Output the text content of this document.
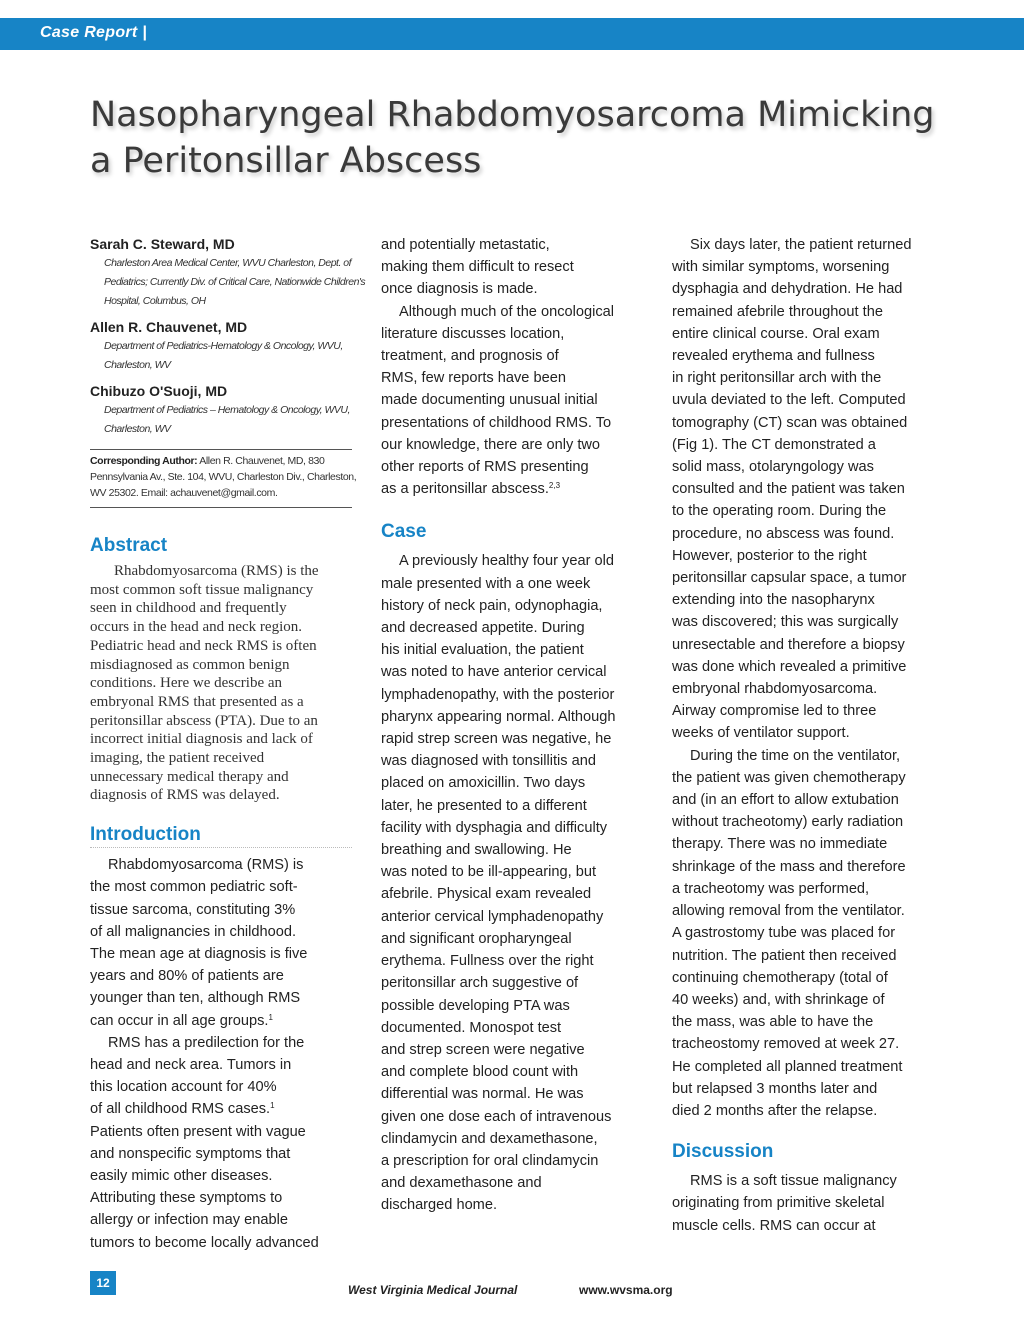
Case Report |
Nasopharyngeal Rhabdomyosarcoma Mimicking
a Peritonsillar Abscess
Sarah C. Steward, MD
Charleston Area Medical Center, WVU Charleston, Dept. of
Pediatrics; Currently Div. of Critical Care, Nationwide Children's
Hospital, Columbus, OH
Allen R. Chauvenet, MD
Department of Pediatrics-Hematology & Oncology, WVU,
Charleston, WV
Chibuzo O'Suoji, MD
Department of Pediatrics – Hematology & Oncology, WVU,
Charleston, WV
Corresponding Author: Allen R. Chauvenet, MD, 830
Pennsylvania Av., Ste. 104, WVU, Charleston Div., Charleston,
WV 25302. Email: achauvenet@gmail.com.
Abstract
Rhabdomyosarcoma (RMS) is the
most common soft tissue malignancy
seen in childhood and frequently
occurs in the head and neck region.
Pediatric head and neck RMS is often
misdiagnosed as common benign
conditions. Here we describe an
embryonal RMS that presented as a
peritonsillar abscess (PTA). Due to an
incorrect initial diagnosis and lack of
imaging, the patient received
unnecessary medical therapy and
diagnosis of RMS was delayed.
Introduction
Rhabdomyosarcoma (RMS) is
the most common pediatric soft-
tissue sarcoma, constituting 3%
of all malignancies in childhood.
The mean age at diagnosis is five
years and 80% of patients are
younger than ten, although RMS
can occur in all age groups.$^1$
RMS has a predilection for the
head and neck area. Tumors in
this location account for 40%
of all childhood RMS cases.$^1$
Patients often present with vague
and nonspecific symptoms that
easily mimic other diseases.
Attributing these symptoms to
allergy or infection may enable
tumors to become locally advanced
and potentially metastatic,
making them difficult to resect
once diagnosis is made.
Although much of the oncological
literature discusses location,
treatment, and prognosis of
RMS, few reports have been
made documenting unusual initial
presentations of childhood RMS. To
our knowledge, there are only two
other reports of RMS presenting
as a peritonsillar abscess.$^{2,3}$
Case
A previously healthy four year old
male presented with a one week
history of neck pain, odynophagia,
and decreased appetite. During
his initial evaluation, the patient
was noted to have anterior cervical
lymphadenopathy, with the posterior
pharynx appearing normal. Although
rapid strep screen was negative, he
was diagnosed with tonsillitis and
placed on amoxicillin. Two days
later, he presented to a different
facility with dysphagia and difficulty
breathing and swallowing. He
was noted to be ill-appearing, but
afebrile. Physical exam revealed
anterior cervical lymphadenopathy
and significant oropharyngeal
erythema. Fullness over the right
peritonsillar arch suggestive of
possible developing PTA was
documented. Monospot test
and strep screen were negative
and complete blood count with
differential was normal. He was
given one dose each of intravenous
clindamycin and dexamethasone,
a prescription for oral clindamycin
and dexamethasone and
discharged home.
Six days later, the patient returned
with similar symptoms, worsening
dysphagia and dehydration. He had
remained afebrile throughout the
entire clinical course. Oral exam
revealed erythema and fullness
in right peritonsillar arch with the
uvula deviated to the left. Computed
tomography (CT) scan was obtained
(Fig 1). The CT demonstrated a
solid mass, otolaryngology was
consulted and the patient was taken
to the operating room. During the
procedure, no abscess was found.
However, posterior to the right
peritonsillar capsular space, a tumor
extending into the nasopharynx
was discovered; this was surgically
unresectable and therefore a biopsy
was done which revealed a primitive
embryonal rhabdomyosarcoma.
Airway compromise led to three
weeks of ventilator support.
During the time on the ventilator,
the patient was given chemotherapy
and (in an effort to allow extubation
without tracheotomy) early radiation
therapy. There was no immediate
shrinkage of the mass and therefore
a tracheotomy was performed,
allowing removal from the ventilator.
A gastrostomy tube was placed for
nutrition. The patient then received
continuing chemotherapy (total of
40 weeks) and, with shrinkage of
the mass, was able to have the
tracheostomy removed at week 27.
He completed all planned treatment
but relapsed 3 months later and
died 2 months after the relapse.
Discussion
RMS is a soft tissue malignancy
originating from primitive skeletal
muscle cells. RMS can occur at
12	West Virginia Medical Journal	www.wvsma.org
